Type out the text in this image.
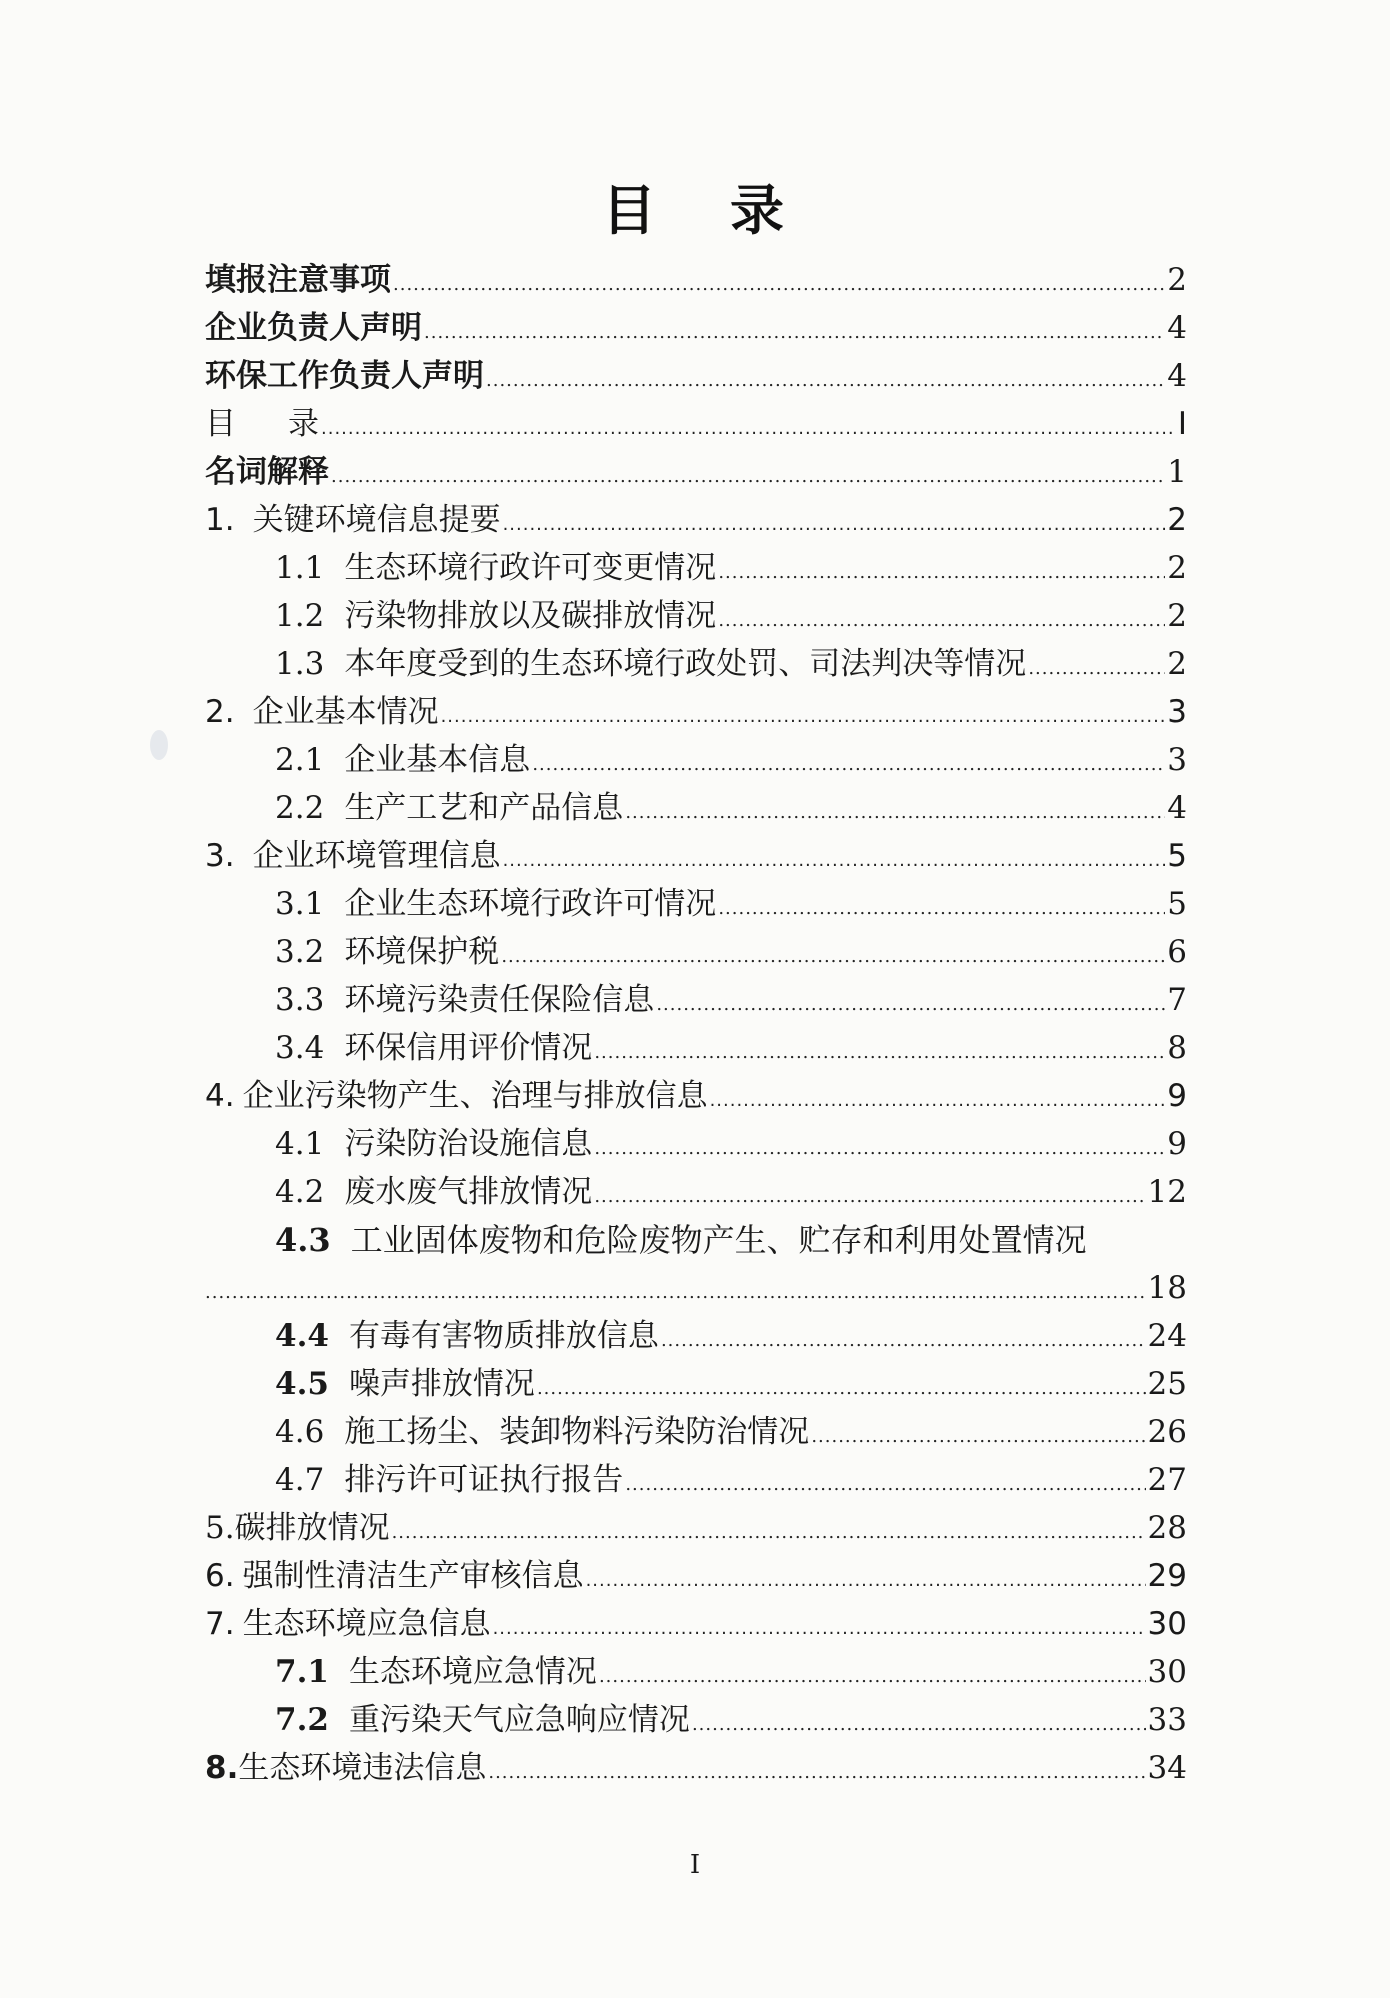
目 录
填报注意事项 .....	2
企业负责人声明 .....	4
环保工作负责人声明 .....	4
目 录 .....	I
名词解释 .....	1
1. 关键环境信息提要 .....	2
1.1 生态环境行政许可变更情况 .....	2
1.2 污染物排放以及碳排放情况 .....	2
1.3 本年度受到的生态环境行政处罚、司法判决等情况 .....	2
2. 企业基本情况 .....	3
2.1 企业基本信息 .....	3
2.2 生产工艺和产品信息 .....	4
3. 企业环境管理信息 .....	5
3.1 企业生态环境行政许可情况 .....	5
3.2 环境保护税 .....	6
3.3 环境污染责任保险信息 .....	7
3.4 环保信用评价情况 .....	8
4. 企业污染物产生、治理与排放信息 .....	9
4.1 污染防治设施信息 .....	9
4.2 废水废气排放情况 .....	12
4.3 工业固体废物和危险废物产生、贮存和利用处置情况
.....
18
4.4 有毒有害物质排放信息 .....	24
4.5 噪声排放情况 .....	25
4.6 施工扬尘、装卸物料污染防治情况 .....	26
4.7 排污许可证执行报告 .....	27
5.碳排放情况 .....	28
6. 强制性清洁生产审核信息 .....	29
7. 生态环境应急信息 .....	30
7.1 生态环境应急情况 .....	30
7.2 重污染天气应急响应情况 .....	33
8.生态环境违法信息 .....	34
I
